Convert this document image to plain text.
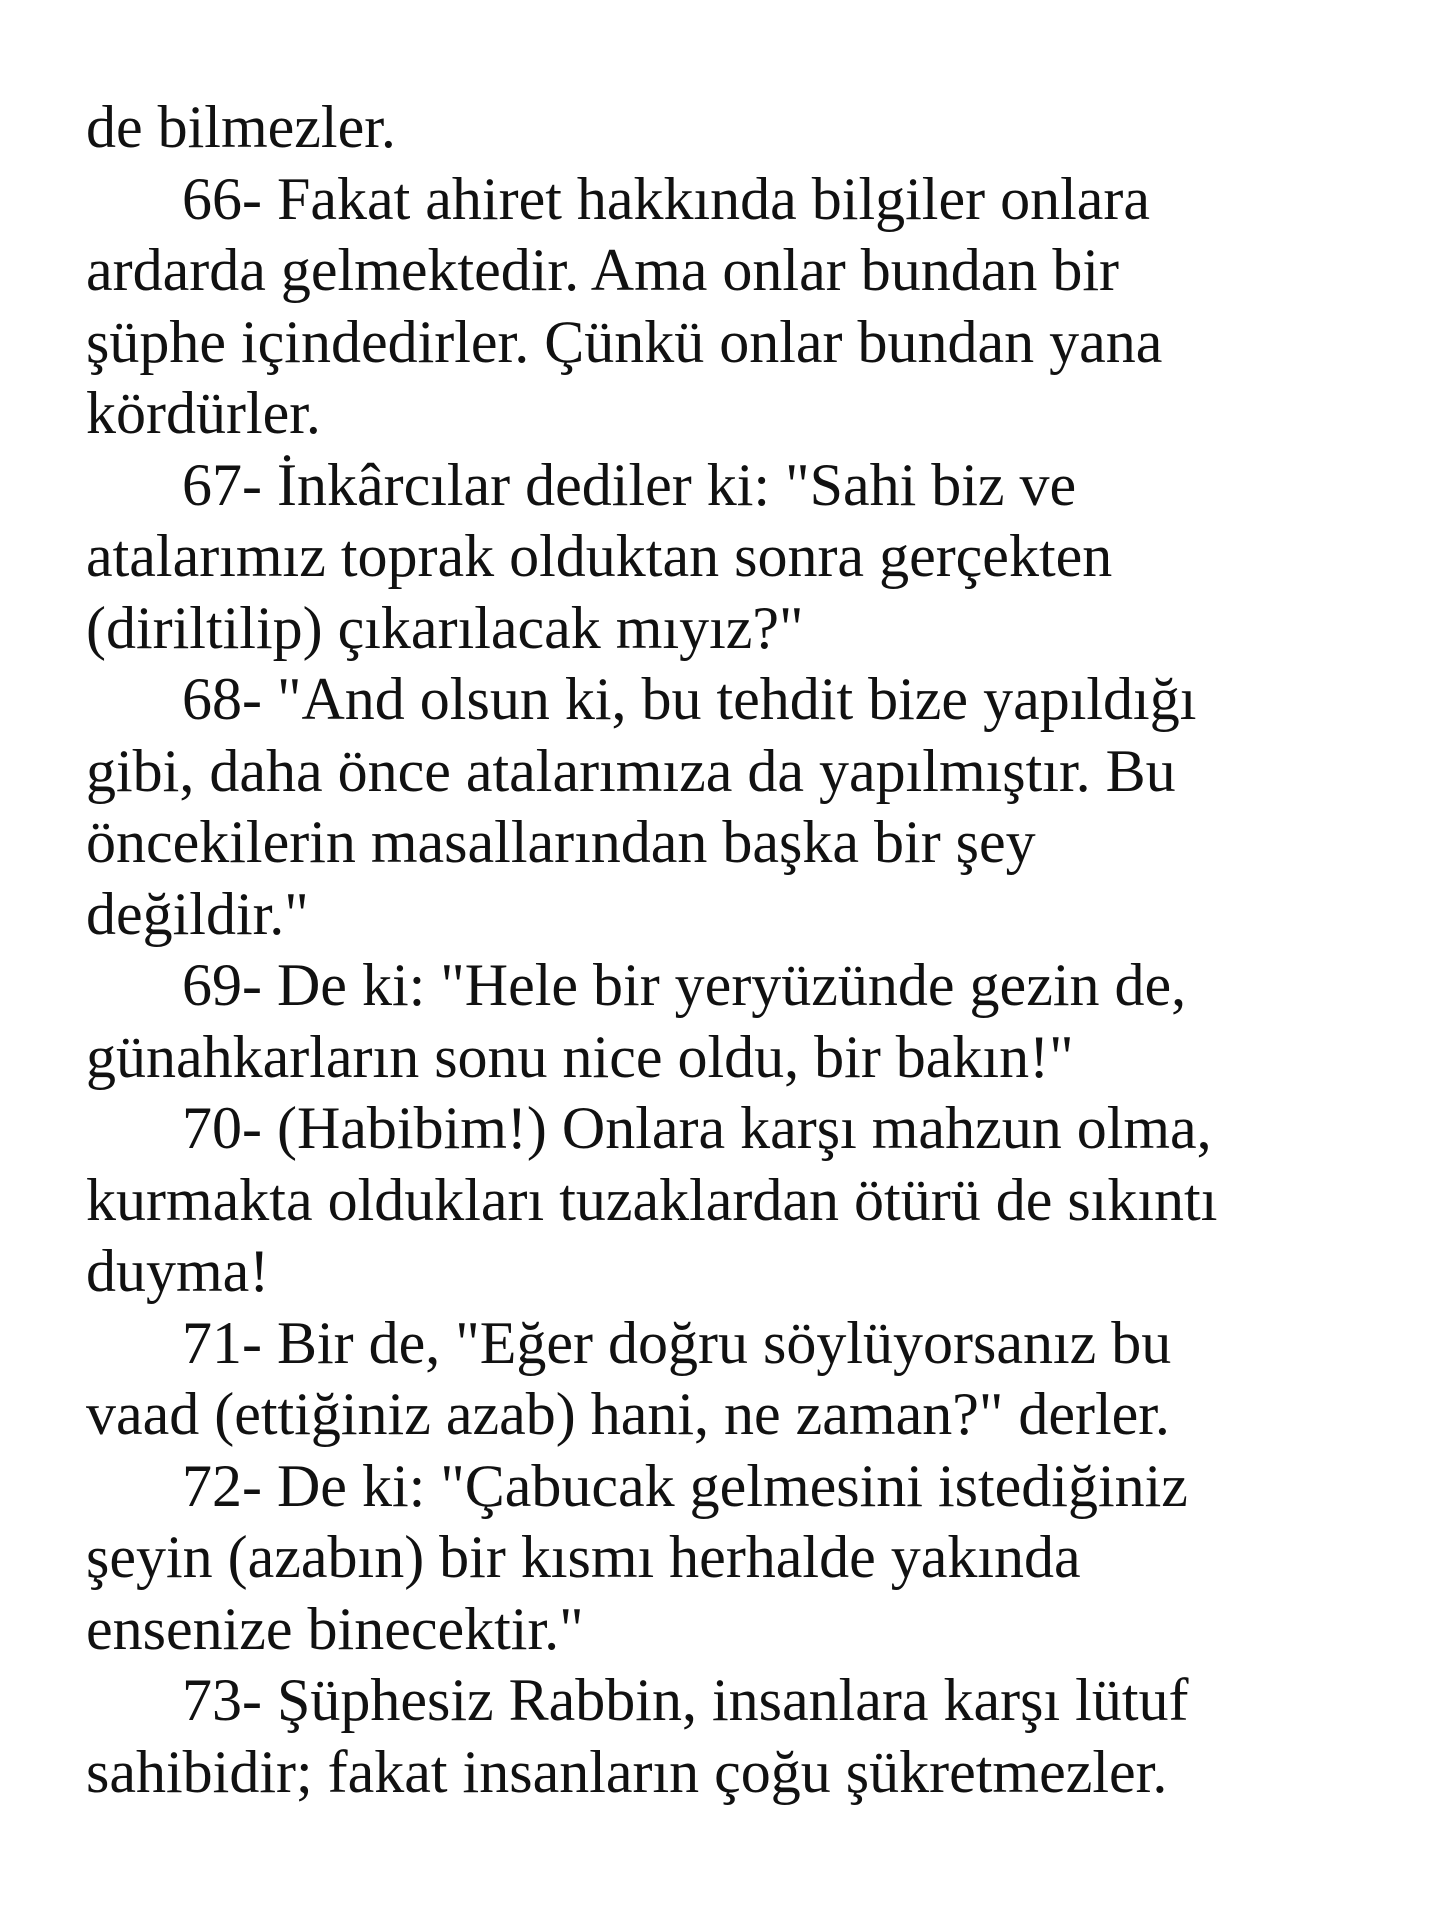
de bilmezler.
66- Fakat ahiret hakkında bilgiler onlara
ardarda gelmektedir. Ama onlar bundan bir
şüphe içindedirler. Çünkü onlar bundan yana
kördürler.
67- İnkârcılar dediler ki: "Sahi biz ve
atalarımız toprak olduktan sonra gerçekten
(diriltilip) çıkarılacak mıyız?"
68- "And olsun ki, bu tehdit bize yapıldığı
gibi, daha önce atalarımıza da yapılmıştır. Bu
öncekilerin masallarından başka bir şey
değildir."
69- De ki: "Hele bir yeryüzünde gezin de,
günahkarların sonu nice oldu, bir bakın!"
70- (Habibim!) Onlara karşı mahzun olma,
kurmakta oldukları tuzaklardan ötürü de sıkıntı
duyma!
71- Bir de, "Eğer doğru söylüyorsanız bu
vaad (ettiğiniz azab) hani, ne zaman?" derler.
72- De ki: "Çabucak gelmesini istediğiniz
şeyin (azabın) bir kısmı herhalde yakında
ensenize binecektir."
73- Şüphesiz Rabbin, insanlara karşı lütuf
sahibidir; fakat insanların çoğu şükretmezler.
